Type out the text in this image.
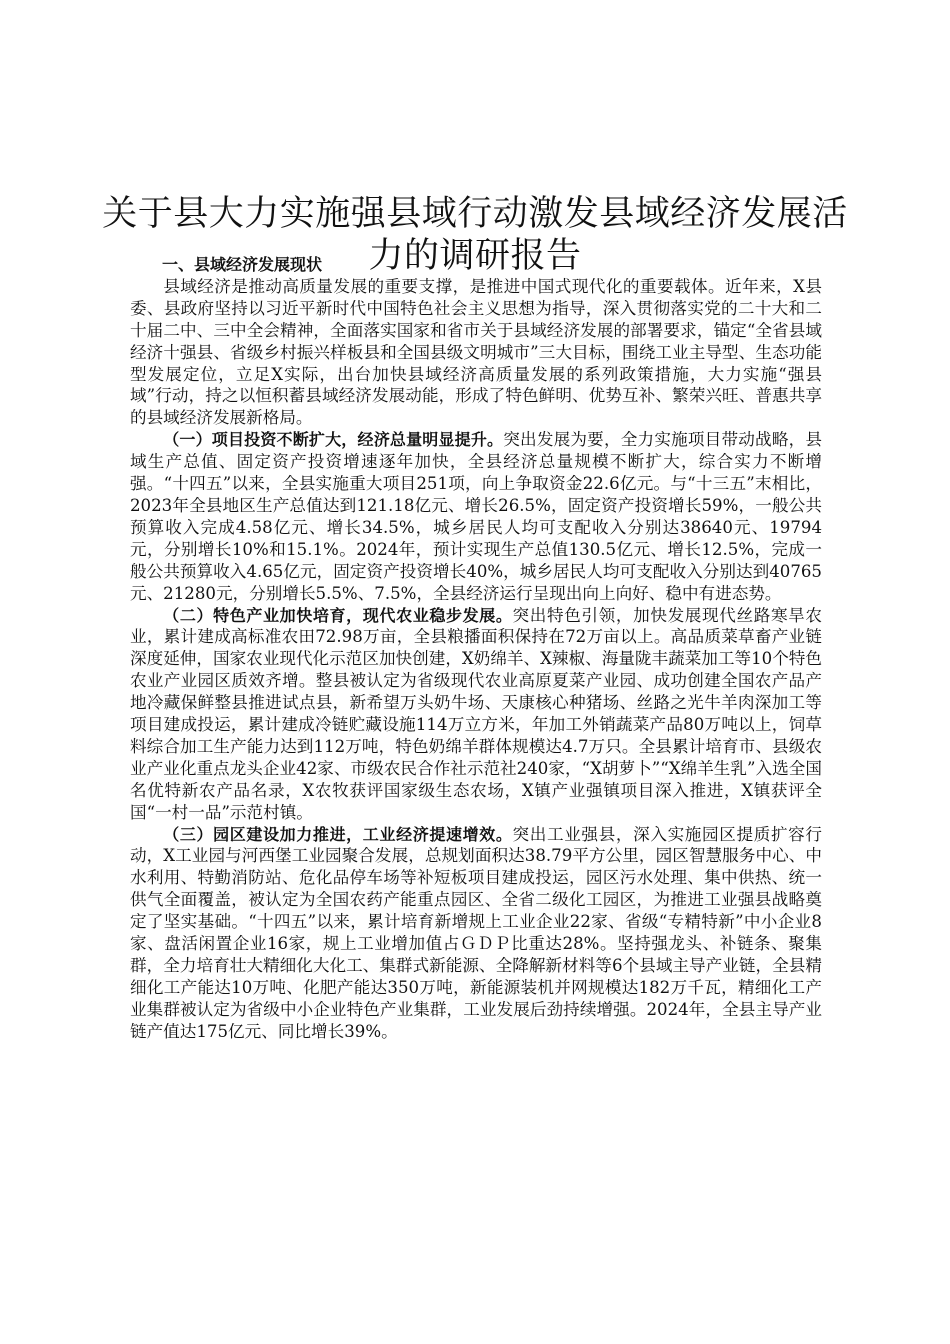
关于县大力实施强县域行动激发县域经济发展活力的调研报告

一、县域经济发展现状

县域经济是推动高质量发展的重要支撑，是推进中国式现代化的重要载体。近年来，X县委、县政府坚持以习近平新时代中国特色社会主义思想为指导，深入贯彻落实党的二十大和二十届二中、三中全会精神，全面落实国家和省市关于县域经济发展的部署要求，锚定“全省县域经济十强县、省级乡村振兴样板县和全国县级文明城市”三大目标，围绕工业主导型、生态功能型发展定位，立足X实际，出台加快县域经济高质量发展的系列政策措施，大力实施“强县域”行动，持之以恒积蓄县域经济发展动能，形成了特色鲜明、优势互补、繁荣兴旺、普惠共享的县域经济发展新格局。

（一）项目投资不断扩大，经济总量明显提升。突出发展为要，全力实施项目带动战略，县域生产总值、固定资产投资增速逐年加快，全县经济总量规模不断扩大，综合实力不断增强。“十四五”以来，全县实施重大项目251项，向上争取资金22.6亿元。与“十三五”末相比，2023年全县地区生产总值达到121.18亿元、增长26.5%，固定资产投资增长59%，一般公共预算收入完成4.58亿元、增长34.5%，城乡居民人均可支配收入分别达38640元、19794元，分别增长10%和15.1%。2024年，预计实现生产总值130.5亿元、增长12.5%，完成一般公共预算收入4.65亿元，固定资产投资增长40%，城乡居民人均可支配收入分别达到40765元、21280元，分别增长5.5%、7.5%，全县经济运行呈现出向上向好、稳中有进态势。

（二）特色产业加快培育，现代农业稳步发展。突出特色引领，加快发展现代丝路寒旱农业，累计建成高标准农田72.98万亩，全县粮播面积保持在72万亩以上。高品质菜草畜产业链深度延伸，国家农业现代化示范区加快创建，X奶绵羊、X辣椒、海量陇丰蔬菜加工等10个特色农业产业园区质效齐增。整县被认定为省级现代农业高原夏菜产业园、成功创建全国农产品产地冷藏保鲜整县推进试点县，新希望万头奶牛场、天康核心种猪场、丝路之光牛羊肉深加工等项目建成投运，累计建成冷链贮藏设施114万立方米，年加工外销蔬菜产品80万吨以上，饲草料综合加工生产能力达到112万吨，特色奶绵羊群体规模达4.7万只。全县累计培育市、县级农业产业化重点龙头企业42家、市级农民合作社示范社240家，“X胡萝卜”“X绵羊生乳”入选全国名优特新农产品名录，X农牧获评国家级生态农场，X镇产业强镇项目深入推进，X镇获评全国“一村一品”示范村镇。

（三）园区建设加力推进，工业经济提速增效。突出工业强县，深入实施园区提质扩容行动，X工业园与河西堡工业园聚合发展，总规划面积达38.79平方公里，园区智慧服务中心、中水利用、特勤消防站、危化品停车场等补短板项目建成投运，园区污水处理、集中供热、统一供气全面覆盖，被认定为全国农药产能重点园区、全省二级化工园区，为推进工业强县战略奠定了坚实基础。“十四五”以来，累计培育新增规上工业企业22家、省级“专精特新”中小企业8家、盘活闲置企业16家，规上工业增加值占ＧＤＰ比重达28%。坚持强龙头、补链条、聚集群，全力培育壮大精细化大化工、集群式新能源、全降解新材料等6个县域主导产业链，全县精细化工产能达10万吨、化肥产能达350万吨，新能源装机并网规模达182万千瓦，精细化工产业集群被认定为省级中小企业特色产业集群，工业发展后劲持续增强。2024年，全县主导产业链产值达175亿元、同比增长39%。
